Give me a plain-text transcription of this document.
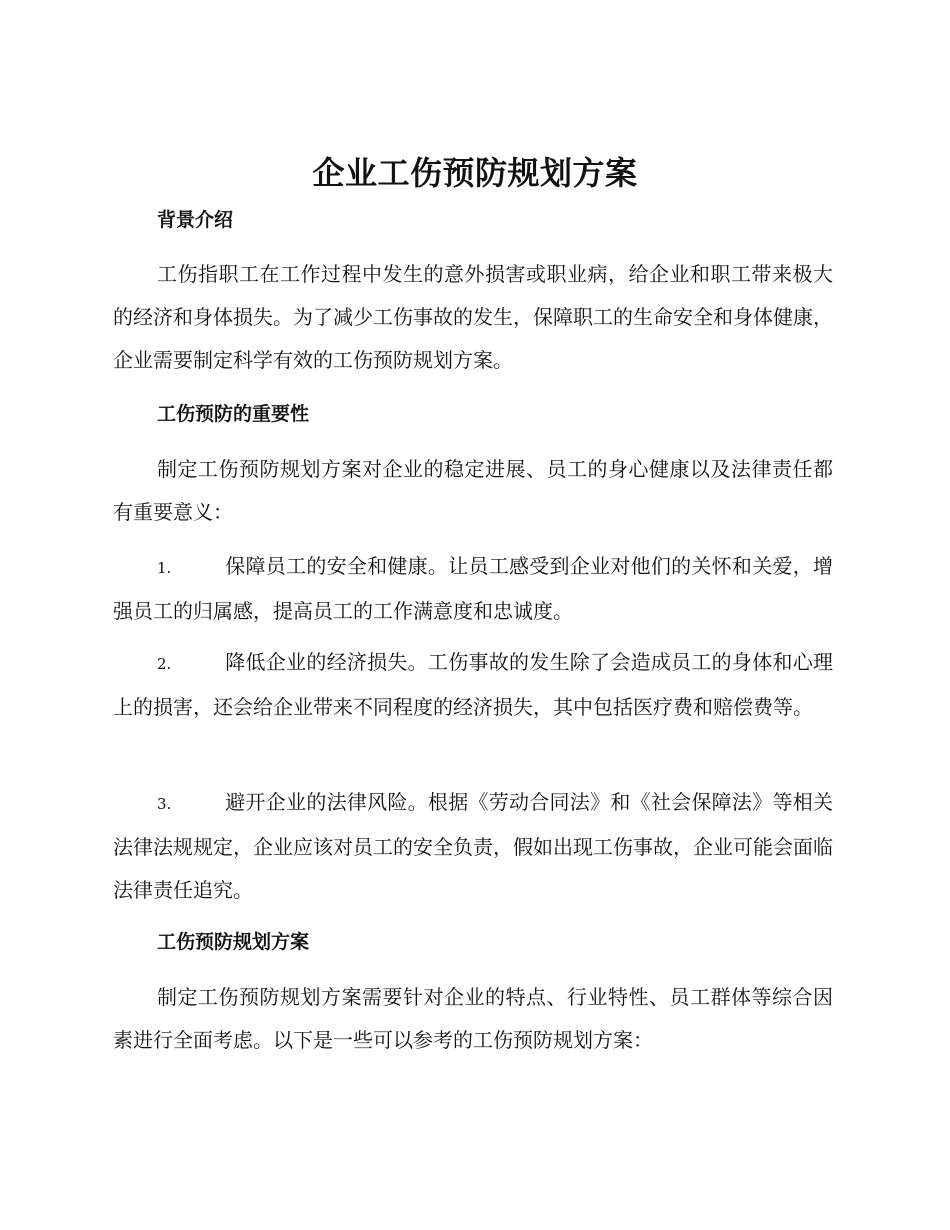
企业工伤预防规划方案
背景介绍

工伤指职工在工作过程中发生的意外损害或职业病，给企业和职工带来极大的经济和身体损失。为了减少工伤事故的发生，保障职工的生命安全和身体健康，企业需要制定科学有效的工伤预防规划方案。

工伤预防的重要性

制定工伤预防规划方案对企业的稳定进展、员工的身心健康以及法律责任都有重要意义：

1.	保障员工的安全和健康。让员工感受到企业对他们的关怀和关爱，增强员工的归属感，提高员工的工作满意度和忠诚度。

2.	降低企业的经济损失。工伤事故的发生除了会造成员工的身体和心理上的损害，还会给企业带来不同程度的经济损失，其中包括医疗费和赔偿费等。

3.	避开企业的法律风险。根据《劳动合同法》和《社会保障法》等相关法律法规规定，企业应该对员工的安全负责，假如出现工伤事故，企业可能会面临法律责任追究。

工伤预防规划方案

制定工伤预防规划方案需要针对企业的特点、行业特性、员工群体等综合因素进行全面考虑。以下是一些可以参考的工伤预防规划方案：
